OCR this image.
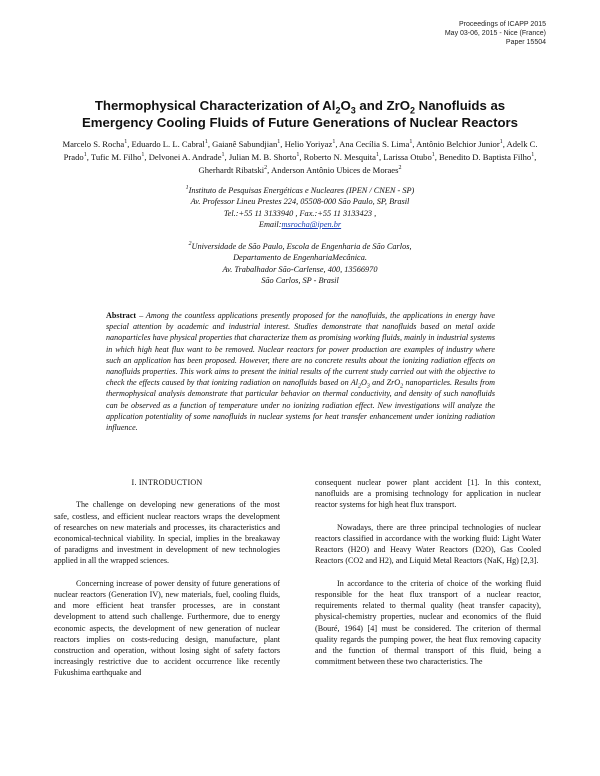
Proceedings of ICAPP 2015
May 03-06, 2015 - Nice (France)
Paper 15504
Thermophysical Characterization of $Al_2O_3$ and ZrO$_2$ Nanofluids as
Emergency Cooling Fluids of Future Generations of Nuclear Reactors
Marcelo S. Rocha$^1$, Eduardo L. L. Cabral$^1$, Gaianê Sabundjian$^1$, Helio Yoriyaz$^1$, Ana Cecília S. Lima$^1$, Antônio Belchior Junior$^1$, Adelk C. Prado$^1$, Tufic M. Filho$^1$, Delvonei A. Andrade$^1$, Julian M. B. Shorto$^1$, Roberto N. Mesquita$^1$, Larissa Otubo$^1$, Benedito D. Baptista Filho$^1$, Gherhardt Ribatski$^2$, Anderson Antônio Ubices de Moraes$^2$
$^1$Instituto de Pesquisas Energéticas e Nucleares (IPEN / CNEN - SP)
Av. Professor Lineu Prestes 224, 05508-000 São Paulo, SP, Brasil
Tel.:+55 11 3133940 , Fax.:+55 11 3133423 ,
Email:msrocha@ipen.br
$^2$Universidade de São Paulo, Escola de Engenharia de São Carlos,
Departamento de EngenhariaMecânica.
Av. Trabalhador São-Carlense, 400, 13566970
São Carlos, SP - Brasil
Abstract – Among the countless applications presently proposed for the nanofluids, the applications in energy have special attention by academic and industrial interest. Studies demonstrate that nanofluids based on metal oxide nanoparticles have physical properties that characterize them as promising working fluids, mainly in industrial systems in which high heat flux want to be removed. Nuclear reactors for power production are examples of industry where such an application has been proposed. However, there are no concrete results about the ionizing radiation effects on nanofluids properties. This work aims to present the initial results of the current study carried out with the objective to check the effects caused by that ionizing radiation on nanofluids based on $Al_2O_3$ and ZrO$_2$ nanoparticles. Results from thermophysical analysis demonstrate that particular behavior on thermal conductivity, and density of such nanofluids can be observed as a function of temperature under no ionizing radiation effect. New investigations will analyze the application potentiality of some nanofluids in nuclear systems for heat transfer enhancement under ionizing radiation influence.
I. INTRODUCTION

The challenge on developing new generations of the most safe, costless, and efficient nuclear reactors wraps the development of researches on new materials and processes, its characteristics and economical-technical viability. In special, implies in the breakaway of paradigms and investment in development of new technologies applied in all the wrapped sciences.

Concerning increase of power density of future generations of nuclear reactors (Generation IV), new materials, fuel, cooling fluids, and more efficient heat transfer processes, are in constant development to attend such challenge. Furthermore, due to energy economic aspects, the development of new generation of nuclear reactors implies on costs-reducing design, manufacture, plant construction and operation, without losing sight of safety factors increasingly restrictive due to accident occurrence like recently Fukushima earthquake and

consequent nuclear power plant accident [1]. In this context, nanofluids are a promising technology for application in nuclear reactor systems for high heat flux transport.

Nowadays, there are three principal technologies of nuclear reactors classified in accordance with the working fluid: Light Water Reactors (H2O) and Heavy Water Reactors (D2O), Gas Cooled Reactors (CO2 and H2), and Liquid Metal Reactors (NaK, Hg) [2,3].

In accordance to the criteria of choice of the working fluid responsible for the heat flux transport of a nuclear reactor, requirements related to thermal quality (heat transfer capacity), physical-chemistry properties, nuclear and economics of the fluid (Bouré, 1964) [4] must be considered. The criterion of thermal quality regards the pumping power, the heat flux removing capacity and the function of thermal transport of this fluid, being a commitment between these two characteristics. The
